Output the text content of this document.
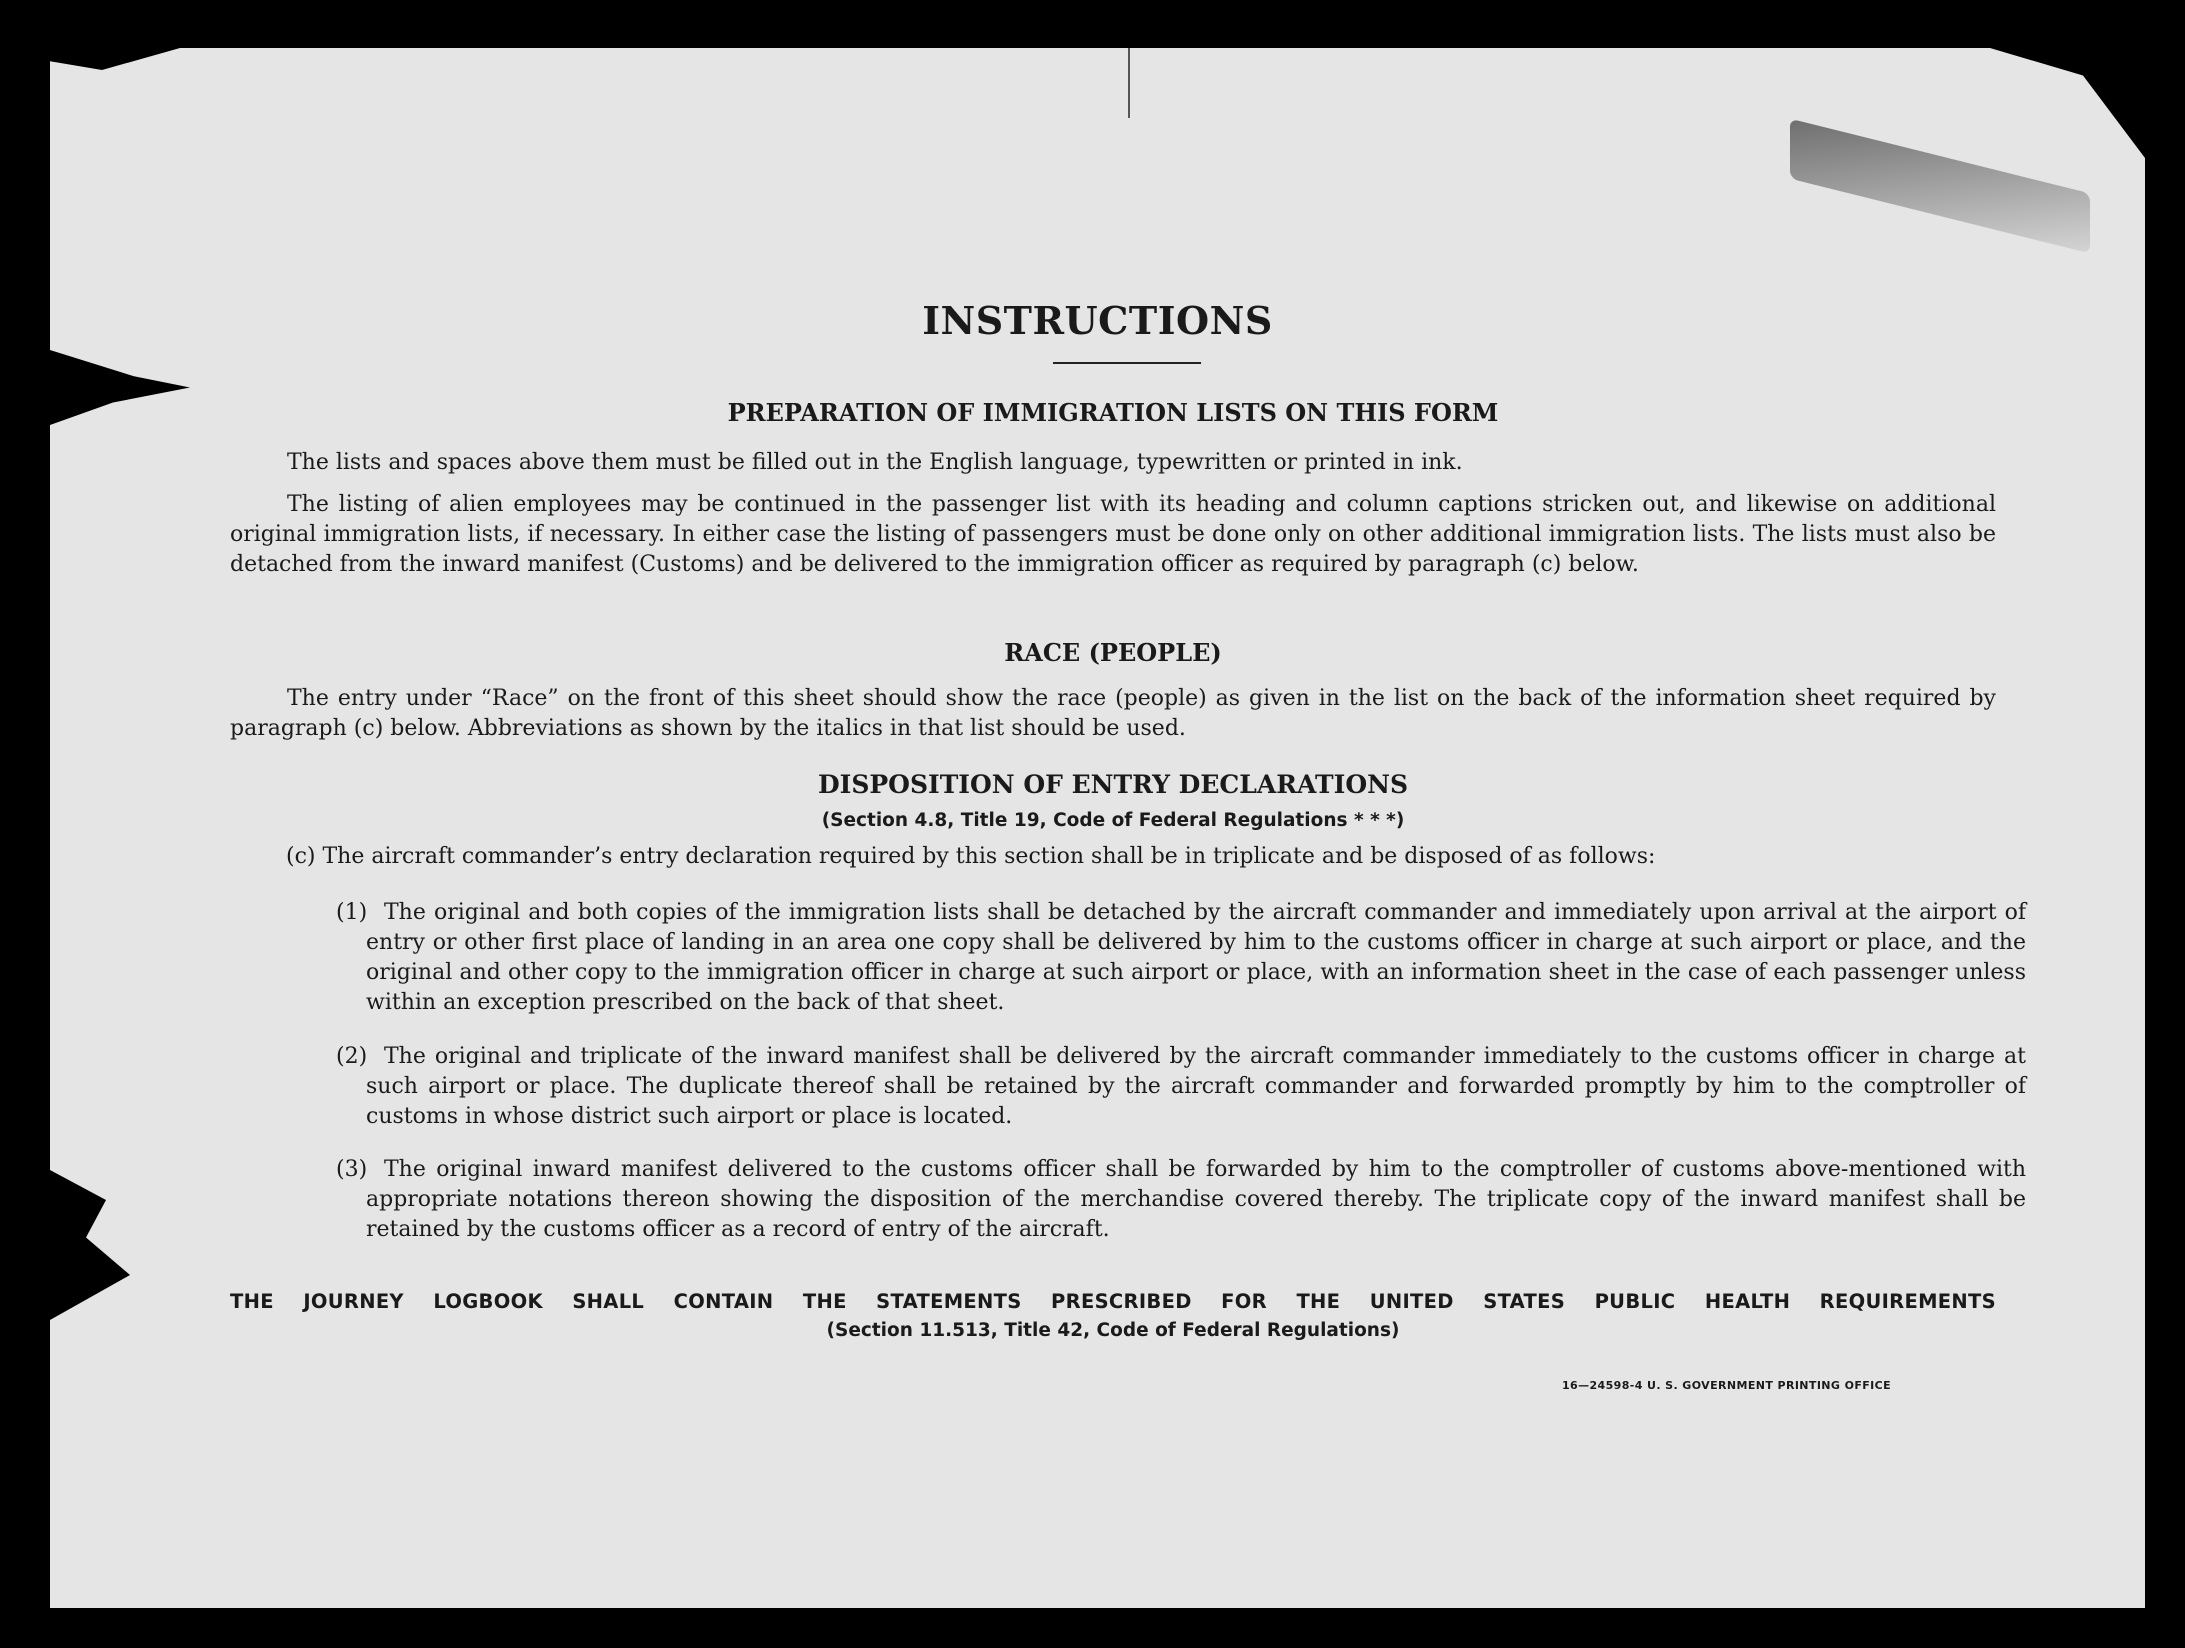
INSTRUCTIONS
PREPARATION OF IMMIGRATION LISTS ON THIS FORM

The lists and spaces above them must be filled out in the English language, typewritten or printed in ink.

The listing of alien employees may be continued in the passenger list with its heading and column captions stricken out, and likewise on additional original immigration lists, if necessary. In either case the listing of passengers must be done only on other additional immigration lists. The lists must also be detached from the inward manifest (Customs) and be delivered to the immigration officer as required by paragraph (c) below.

RACE (PEOPLE)

The entry under “Race” on the front of this sheet should show the race (people) as given in the list on the back of the information sheet required by paragraph (c) below. Abbreviations as shown by the italics in that list should be used.

DISPOSITION OF ENTRY DECLARATIONS
(Section 4.8, Title 19, Code of Federal Regulations * * *)

(c) The aircraft commander’s entry declaration required by this section shall be in triplicate and be disposed of as follows:

(1) The original and both copies of the immigration lists shall be detached by the aircraft commander and immediately upon arrival at the airport of entry or other first place of landing in an area one copy shall be delivered by him to the customs officer in charge at such airport or place, and the original and other copy to the immigration officer in charge at such airport or place, with an information sheet in the case of each passenger unless within an exception prescribed on the back of that sheet.

(2) The original and triplicate of the inward manifest shall be delivered by the aircraft commander immediately to the customs officer in charge at such airport or place. The duplicate thereof shall be retained by the aircraft commander and forwarded promptly by him to the comptroller of customs in whose district such airport or place is located.

(3) The original inward manifest delivered to the customs officer shall be forwarded by him to the comptroller of customs above-mentioned with appropriate notations thereon showing the disposition of the merchandise covered thereby. The triplicate copy of the inward manifest shall be retained by the customs officer as a record of entry of the aircraft.

THE JOURNEY LOGBOOK SHALL CONTAIN THE STATEMENTS PRESCRIBED FOR THE UNITED STATES PUBLIC HEALTH REQUIREMENTS
(Section 11.513, Title 42, Code of Federal Regulations)
16—24598-4 U. S. GOVERNMENT PRINTING OFFICE
